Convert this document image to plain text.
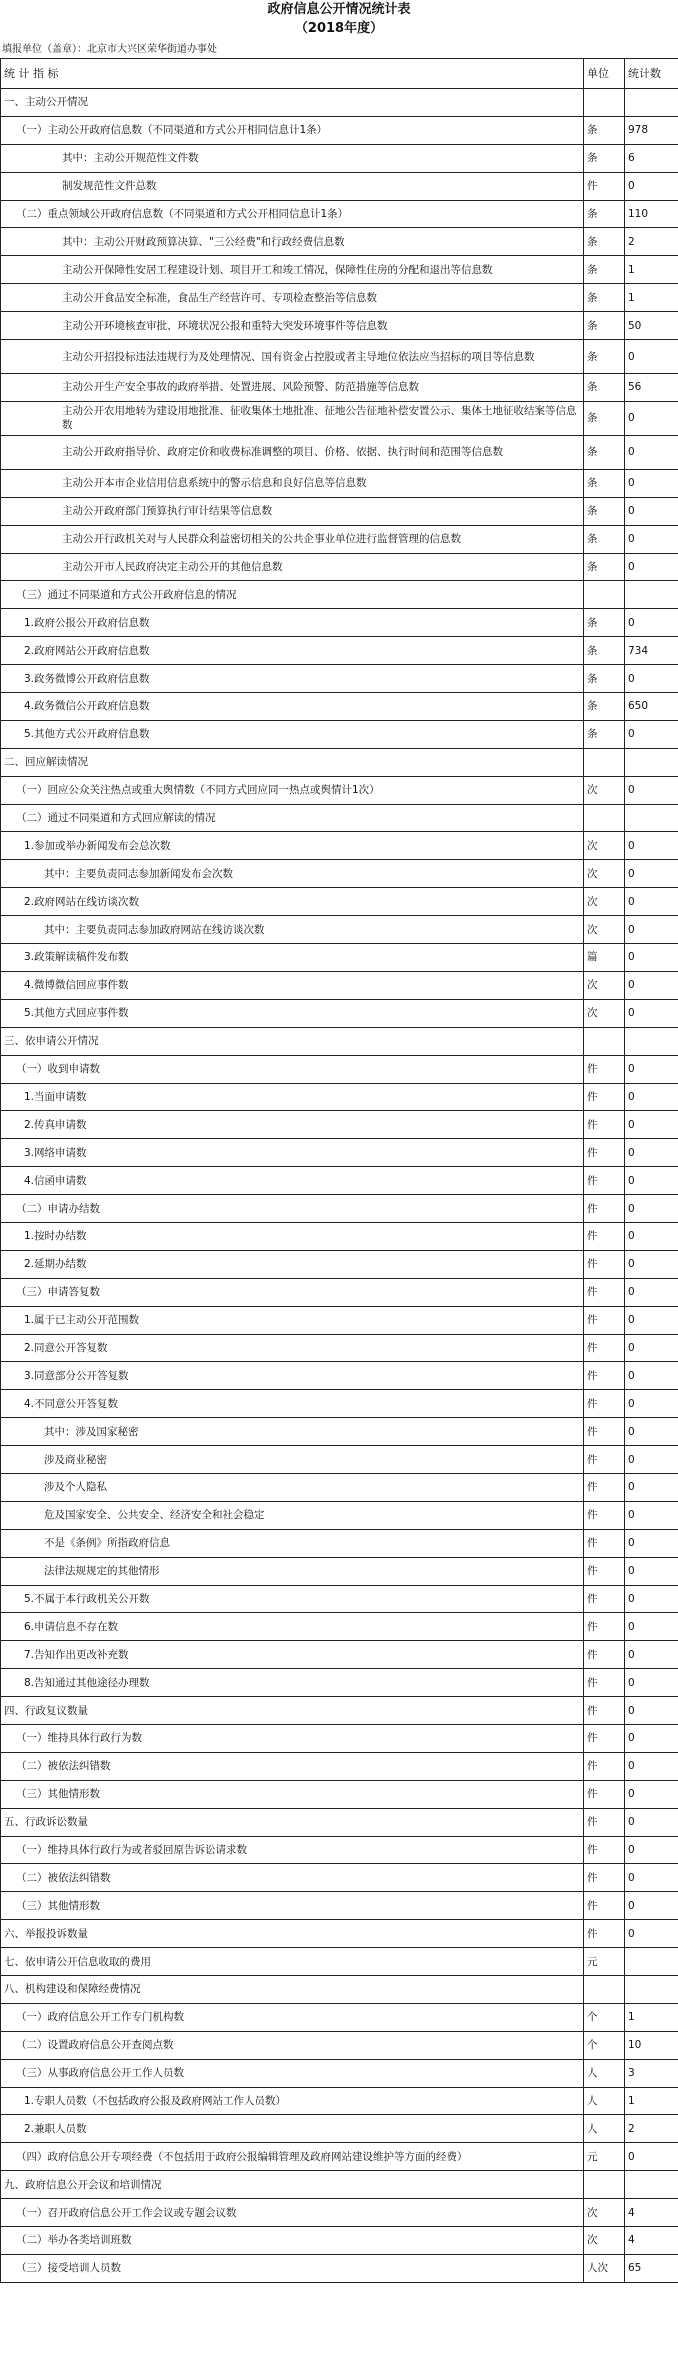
政府信息公开情况统计表
（2018年度）
填报单位（盖章）：北京市大兴区荣华街道办事处
统 计 指 标	单位	统计数
一、主动公开情况		
（一）主动公开政府信息数（不同渠道和方式公开相同信息计1条）	条	978
其中：主动公开规范性文件数	条	6
制发规范性文件总数	件	0
（二）重点领域公开政府信息数（不同渠道和方式公开相同信息计1条）	条	110
其中：主动公开财政预算决算、"三公经费"和行政经费信息数	条	2
主动公开保障性安居工程建设计划、项目开工和竣工情况，保障性住房的分配和退出等信息数	条	1
主动公开食品安全标准，食品生产经营许可、专项检查整治等信息数	条	1
主动公开环境核查审批、环境状况公报和重特大突发环境事件等信息数	条	50
主动公开招投标违法违规行为及处理情况、国有资金占控股或者主导地位依法应当招标的项目等信息数	条	0
主动公开生产安全事故的政府举措、处置进展、风险预警、防范措施等信息数	条	56
主动公开农用地转为建设用地批准、征收集体土地批准、征地公告征地补偿安置公示、集体土地征收结案等信息数	条	0
主动公开政府指导价、政府定价和收费标准调整的项目、价格、依据、执行时间和范围等信息数	条	0
主动公开本市企业信用信息系统中的警示信息和良好信息等信息数	条	0
主动公开政府部门预算执行审计结果等信息数	条	0
主动公开行政机关对与人民群众利益密切相关的公共企事业单位进行监督管理的信息数	条	0
主动公开市人民政府决定主动公开的其他信息数	条	0
（三）通过不同渠道和方式公开政府信息的情况		
1.政府公报公开政府信息数	条	0
2.政府网站公开政府信息数	条	734
3.政务微博公开政府信息数	条	0
4.政务微信公开政府信息数	条	650
5.其他方式公开政府信息数	条	0
二、回应解读情况		
（一）回应公众关注热点或重大舆情数（不同方式回应同一热点或舆情计1次）	次	0
（二）通过不同渠道和方式回应解读的情况		
1.参加或举办新闻发布会总次数	次	0
其中：主要负责同志参加新闻发布会次数	次	0
2.政府网站在线访谈次数	次	0
其中：主要负责同志参加政府网站在线访谈次数	次	0
3.政策解读稿件发布数	篇	0
4.微博微信回应事件数	次	0
5.其他方式回应事件数	次	0
三、依申请公开情况		
（一）收到申请数	件	0
1.当面申请数	件	0
2.传真申请数	件	0
3.网络申请数	件	0
4.信函申请数	件	0
（二）申请办结数	件	0
1.按时办结数	件	0
2.延期办结数	件	0
（三）申请答复数	件	0
1.属于已主动公开范围数	件	0
2.同意公开答复数	件	0
3.同意部分公开答复数	件	0
4.不同意公开答复数	件	0
其中：涉及国家秘密	件	0
涉及商业秘密	件	0
涉及个人隐私	件	0
危及国家安全、公共安全、经济安全和社会稳定	件	0
不是《条例》所指政府信息	件	0
法律法规规定的其他情形	件	0
5.不属于本行政机关公开数	件	0
6.申请信息不存在数	件	0
7.告知作出更改补充数	件	0
8.告知通过其他途径办理数	件	0
四、行政复议数量	件	0
（一）维持具体行政行为数	件	0
（二）被依法纠错数	件	0
（三）其他情形数	件	0
五、行政诉讼数量	件	0
（一）维持具体行政行为或者驳回原告诉讼请求数	件	0
（二）被依法纠错数	件	0
（三）其他情形数	件	0
六、举报投诉数量	件	0
七、依申请公开信息收取的费用	元	
八、机构建设和保障经费情况		
（一）政府信息公开工作专门机构数	个	1
（二）设置政府信息公开查阅点数	个	10
（三）从事政府信息公开工作人员数	人	3
1.专职人员数（不包括政府公报及政府网站工作人员数）	人	1
2.兼职人员数	人	2
（四）政府信息公开专项经费（不包括用于政府公报编辑管理及政府网站建设维护等方面的经费）	元	0
九、政府信息公开会议和培训情况		
（一）召开政府信息公开工作会议或专题会议数	次	4
（二）举办各类培训班数	次	4
（三）接受培训人员数	人次	65
